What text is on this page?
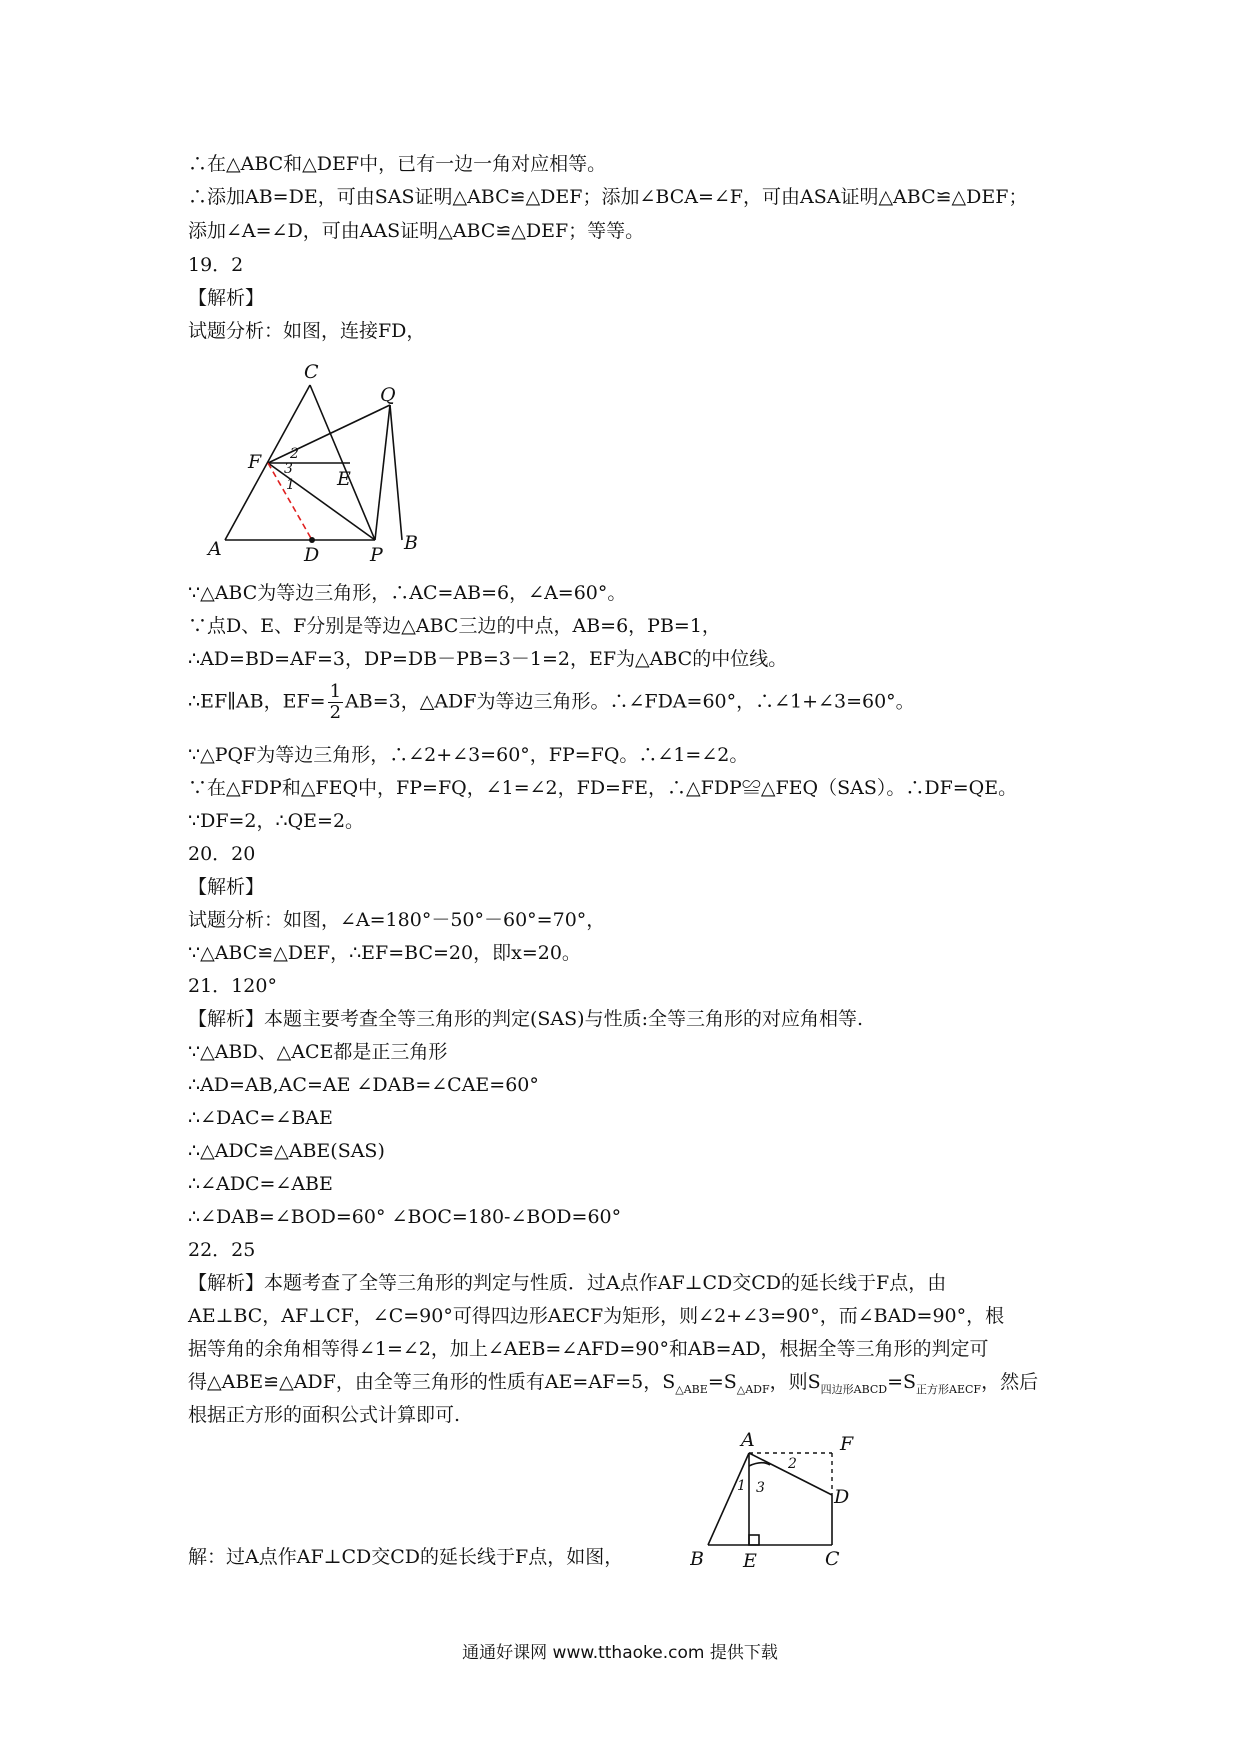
∴在△ABC和△DEF中，已有一边一角对应相等。
∴添加AB=DE，可由SAS证明△ABC≌△DEF；添加∠BCA=∠F，可由ASA证明△ABC≌△DEF；
添加∠A=∠D，可由AAS证明△ABC≌△DEF；等等。
19．2
【解析】
试题分析：如图，连接FD，
C
Q
F
E
A	D	P
B
2
3
1
∵△ABC为等边三角形，∴AC=AB=6，∠A=60°。
∵点D、E、F分别是等边△ABC三边的中点，AB=6，PB=1，
∴AD=BD=AF=3，DP=DB－PB=3－1=2，EF为△ABC的中位线。
∴EF∥AB，$EF= \frac{1}{2} AB=3$，△ADF为等边三角形。∴∠FDA=60°，∴∠1+∠3=60°。
∵△PQF为等边三角形，∴∠2+∠3=60°，FP=FQ。∴∠1=∠2。
∵在△FDP和△FEQ中，FP=FQ，∠1=∠2，FD=FE，∴△FDP≌△FEQ（SAS）。∴DF=QE。
∵DF=2，∴QE=2。
20．20
【解析】
试题分析：如图，∠A=180°－50°－60°=70°，
∵△ABC≌△DEF，∴EF=BC=20，即x=20。
21．120°
【解析】本题主要考查全等三角形的判定(SAS)与性质:全等三角形的对应角相等.
∵△ABD、△ACE都是正三角形
∴AD=AB,AC=AE ∠DAB=∠CAE=60°
∴∠DAC=∠BAE
∴△ADC≌△ABE(SAS)
∴∠ADC=∠ABE
∴∠DAB=∠BOD=60° ∠BOC=180-∠BOD=60°
22．25
【解析】本题考查了全等三角形的判定与性质．过A点作AF⊥CD交CD的延长线于F点，由
AE⊥BC，AF⊥CF，∠C=90°可得四边形AECF为矩形，则∠2+∠3=90°，而∠BAD=90°，根
据等角的余角相等得∠1=∠2，加上∠AEB=∠AFD=90°和AB=AD，根据全等三角形的判定可
得△ABE≌△ADF，由全等三角形的性质有AE=AF=5，$S_{\triangle ABE}=S_{\triangle ADF}$，则$S_{四边形ABCD}=S_{正方形AECF}$，然后
根据正方形的面积公式计算即可.
A	F
D
B E	C
2
1 3
解：过A点作AF⊥CD交CD的延长线于F点，如图，
通通好课网 www.tthaoke.com 提供下载
